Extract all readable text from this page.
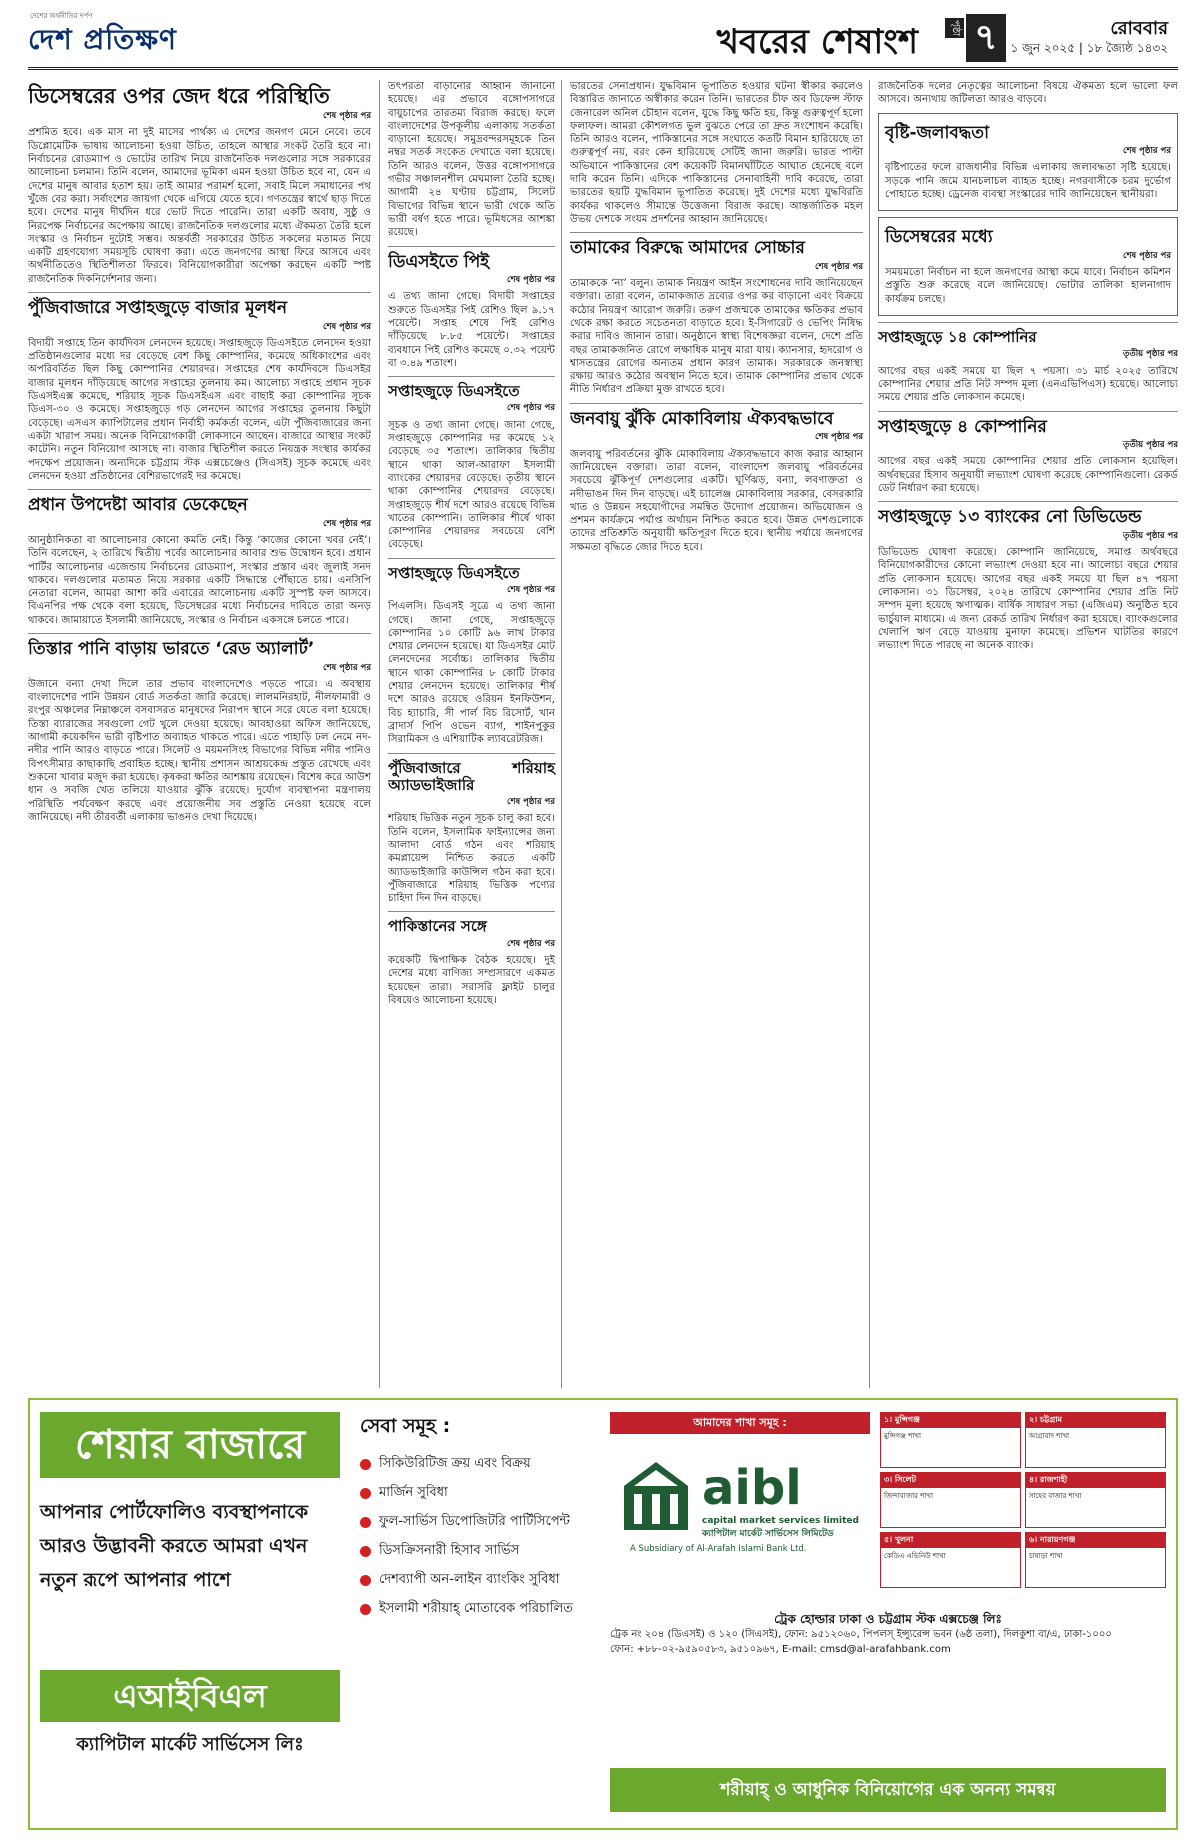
দেশের অর্থনীতির দর্পণ
দেশ প্রতিক্ষণ	খবরের শেষাংশ	পৃষ্ঠা ৭	রোববার
১ জুন ২০২৫ | ১৮ জ্যৈষ্ঠ ১৪৩২
ডিসেম্বরের ওপর জেদ ধরে পরিস্থিতি
শেষ পৃষ্ঠার পর
প্রশমিত হবে। এক মাস না দুই মাসের পার্থক্য এ দেশের জনগণ মেনে নেবে। তবে ডিপ্লোমেটিক ভাষায় আলোচনা হওয়া উচিত, তাহলে আস্থার সংকট তৈরি হবে না। নির্বাচনের রোডম্যাপ ও ভোটের তারিখ নিয়ে রাজনৈতিক দলগুলোর সঙ্গে সরকারের আলোচনা চলমান। তিনি বলেন, আমাদের ভূমিকা এমন হওয়া উচিত হবে না, যেন এ দেশের মানুষ আবার হতাশ হয়। তাই আমার পরামর্শ হলো, সবাই মিলে সমাধানের পথ খুঁজে বের করা। সর্বাংশের জায়গা থেকে এগিয়ে যেতে হবে। গণতন্ত্রের স্বার্থে ছাড় দিতে হবে। দেশের মানুষ দীর্ঘদিন ধরে ভোট দিতে পারেনি। তারা একটি অবাধ, সুষ্ঠু ও নিরপেক্ষ নির্বাচনের অপেক্ষায় আছে। রাজনৈতিক দলগুলোর মধ্যে ঐকমত্য তৈরি হলে সংস্কার ও নির্বাচন দুটোই সম্ভব। অন্তর্বর্তী সরকারের উচিত সকলের মতামত নিয়ে একটি গ্রহণযোগ্য সময়সূচি ঘোষণা করা। এতে জনগণের আস্থা ফিরে আসবে এবং অর্থনীতিতেও স্থিতিশীলতা ফিরবে। বিনিয়োগকারীরা অপেক্ষা করছেন একটি স্পষ্ট রাজনৈতিক দিকনির্দেশনার জন্য।
পুঁজিবাজারে সপ্তাহজুড়ে বাজার মূলধন
শেষ পৃষ্ঠার পর
বিদায়ী সপ্তাহে তিন কার্যদিবস লেনদেন হয়েছে। সপ্তাহজুড়ে ডিএসইতে লেনদেন হওয়া প্রতিষ্ঠানগুলোর মধ্যে দর বেড়েছে বেশ কিছু কোম্পানির, কমেছে অধিকাংশের এবং অপরিবর্তিত ছিল কিছু কোম্পানির শেয়ারদর। সপ্তাহের শেষ কার্যদিবসে ডিএসইর বাজার মূলধন দাঁড়িয়েছে আগের সপ্তাহের তুলনায় কম। আলোচ্য সপ্তাহে প্রধান সূচক ডিএসইএক্স কমেছে, শরিয়াহ সূচক ডিএসইএস এবং বাছাই করা কোম্পানির সূচক ডিএস-৩০ ও কমেছে। সপ্তাহজুড়ে গড় লেনদেন আগের সপ্তাহের তুলনায় কিছুটা বেড়েছে। এসএস ক্যাপিটালের প্রধান নির্বাহী কর্মকর্তা বলেন, এটা পুঁজিবাজারের জন্য একটা খারাপ সময়। অনেক বিনিয়োগকারী লোকসানে আছেন। বাজারে আস্থার সংকট কাটেনি। নতুন বিনিয়োগ আসছে না। বাজার স্থিতিশীল করতে নিয়ন্ত্রক সংস্থার কার্যকর পদক্ষেপ প্রয়োজন। অন্যদিকে চট্টগ্রাম স্টক এক্সচেঞ্জেও (সিএসই) সূচক কমেছে এবং লেনদেন হওয়া প্রতিষ্ঠানের বেশিরভাগেরই দর কমেছে।
প্রধান উপদেষ্টা আবার ডেকেছেন
শেষ পৃষ্ঠার পর
আনুষ্ঠানিকতা বা আলোচনার কোনো কমতি নেই। কিন্তু ‘কাজের কোনো খবর নেই’। তিনি বলেছেন, ২ তারিখে দ্বিতীয় পর্বের আলোচনার আবার শুভ উদ্বোধন হবে। প্রধান পার্টির আলোচনার এজেন্ডায় নির্বাচনের রোডম্যাপ, সংস্কার প্রস্তাব এবং জুলাই সনদ থাকবে। দলগুলোর মতামত নিয়ে সরকার একটি সিদ্ধান্তে পৌঁছাতে চায়। এনসিপি নেতারা বলেন, আমরা আশা করি এবারের আলোচনায় একটি সুস্পষ্ট ফল আসবে। বিএনপির পক্ষ থেকে বলা হয়েছে, ডিসেম্বরের মধ্যে নির্বাচনের দাবিতে তারা অনড় থাকবে। জামায়াতে ইসলামী জানিয়েছে, সংস্কার ও নির্বাচন একসঙ্গে চলতে পারে।
তিস্তার পানি বাড়ায় ভারতে ‘রেড অ্যালার্ট’
শেষ পৃষ্ঠার পর
উজানে বন্যা দেখা দিলে তার প্রভাব বাংলাদেশেও পড়তে পারে। এ অবস্থায় বাংলাদেশের পানি উন্নয়ন বোর্ড সতর্কতা জারি করেছে। লালমনিরহাট, নীলফামারী ও রংপুর অঞ্চলের নিম্নাঞ্চলে বসবাসরত মানুষদের নিরাপদ স্থানে সরে যেতে বলা হয়েছে। তিস্তা ব্যারাজের সবগুলো গেট খুলে দেওয়া হয়েছে। আবহাওয়া অফিস জানিয়েছে, আগামী কয়েকদিন ভারী বৃষ্টিপাত অব্যাহত থাকতে পারে। এতে পাহাড়ি ঢল নেমে নদ-নদীর পানি আরও বাড়তে পারে। সিলেট ও ময়মনসিংহ বিভাগের বিভিন্ন নদীর পানিও বিপৎসীমার কাছাকাছি প্রবাহিত হচ্ছে। স্থানীয় প্রশাসন আশ্রয়কেন্দ্র প্রস্তুত রেখেছে এবং শুকনো খাবার মজুদ করা হয়েছে। কৃষকরা ক্ষতির আশঙ্কায় রয়েছেন। বিশেষ করে আউশ ধান ও সবজি খেত তলিয়ে যাওয়ার ঝুঁকি রয়েছে। দুর্যোগ ব্যবস্থাপনা মন্ত্রণালয় পরিস্থিতি পর্যবেক্ষণ করছে এবং প্রয়োজনীয় সব প্রস্তুতি নেওয়া হয়েছে বলে জানিয়েছে। নদী তীরবর্তী এলাকায় ভাঙনও দেখা দিয়েছে।
তৎপরতা বাড়ানোর আহ্বান জানানো হয়েছে। এর প্রভাবে বঙ্গোপসাগরে বায়ুচাপের তারতম্য বিরাজ করছে। ফলে বাংলাদেশের উপকূলীয় এলাকায় সতর্কতা বাড়ানো হয়েছে। সমুদ্রবন্দরসমূহকে তিন নম্বর সতর্ক সংকেত দেখাতে বলা হয়েছে। তিনি আরও বলেন, উত্তর বঙ্গোপসাগরে গভীর সঞ্চালনশীল মেঘমালা তৈরি হচ্ছে। আগামী ২৪ ঘণ্টায় চট্টগ্রাম, সিলেট বিভাগের বিভিন্ন স্থানে ভারী থেকে অতি ভারী বর্ষণ হতে পারে। ভূমিধসের আশঙ্কা রয়েছে।
ডিএসইতে পিই
শেষ পৃষ্ঠার পর
এ তথ্য জানা গেছে। বিদায়ী সপ্তাহের শুরুতে ডিএসইর পিই রেশিও ছিল ৯.১৭ পয়েন্টে। সপ্তাহ শেষে পিই রেশিও দাঁড়িয়েছে ৮.৮৫ পয়েন্টে। সপ্তাহের ব্যবধানে পিই রেশিও কমেছে ০.৩২ পয়েন্ট বা ৩.৪৯ শতাংশ।
সপ্তাহজুড়ে ডিএসইতে
শেষ পৃষ্ঠার পর
সূচক ও তথ্য জানা গেছে। জানা গেছে, সপ্তাহজুড়ে কোম্পানির দর কমেছে ১২ বেড়েছে ৩৫ শতাংশ। তালিকার দ্বিতীয় স্থানে থাকা আল-আরাফা ইসলামী ব্যাংকের শেয়ারদর বেড়েছে। তৃতীয় স্থানে থাকা কোম্পানির শেয়ারদর বেড়েছে। সপ্তাহজুড়ে শীর্ষ দশে আরও রয়েছে বিভিন্ন খাতের কোম্পানি। তালিকার শীর্ষে থাকা কোম্পানির শেয়ারদর সবচেয়ে বেশি বেড়েছে।
সপ্তাহজুড়ে ডিএসইতে
শেষ পৃষ্ঠার পর
পিএলসি। ডিএসই সূত্রে এ তথ্য জানা গেছে। জানা গেছে, সপ্তাহজুড়ে কোম্পানির ১০ কোটি ৯৬ লাখ টাকার শেয়ার লেনদেন হয়েছে। যা ডিএসইর মোট লেনদেনের সর্বোচ্চ। তালিকার দ্বিতীয় স্থানে থাকা কোম্পানির ৮ কোটি টাকার শেয়ার লেনদেন হয়েছে। তালিকার শীর্ষ দশে আরও রয়েছে ওরিয়ন ইনফিউশন, বিচ হ্যাচারি, সী পার্ল বিচ রিসোর্ট, খান ব্রাদার্স পিপি ওভেন ব্যাগ, শাইনপুকুর সিরামিকস ও এশিয়াটিক ল্যাবরেটরিজ।
পুঁজিবাজারে শরিয়াহ অ্যাডভাইজারি
শেষ পৃষ্ঠার পর
শরিয়াহ ভিত্তিক নতুন সূচক চালু করা হবে। তিনি বলেন, ইসলামিক ফাইন্যান্সের জন্য আলাদা বোর্ড গঠন এবং শরিয়াহ কমপ্লায়েন্স নিশ্চিত করতে একটি অ্যাডভাইজারি কাউন্সিল গঠন করা হবে। পুঁজিবাজারে শরিয়াহ ভিত্তিক পণ্যের চাহিদা দিন দিন বাড়ছে।
পাকিস্তানের সঙ্গে
শেষ পৃষ্ঠার পর
কয়েকটি দ্বিপাক্ষিক বৈঠক হয়েছে। দুই দেশের মধ্যে বাণিজ্য সম্প্রসারণে একমত হয়েছেন তারা। সরাসরি ফ্লাইট চালুর বিষয়েও আলোচনা হয়েছে।
ভারতের সেনাপ্রধান। যুদ্ধবিমান ভূপাতিত হওয়ার ঘটনা স্বীকার করলেও বিস্তারিত জানাতে অস্বীকার করেন তিনি। ভারতের চীফ অব ডিফেন্স স্টাফ জেনারেল অনিল চৌহান বলেন, যুদ্ধে কিছু ক্ষতি হয়, কিন্তু গুরুত্বপূর্ণ হলো ফলাফল। আমরা কৌশলগত ভুল বুঝতে পেরে তা দ্রুত সংশোধন করেছি। তিনি আরও বলেন, পাকিস্তানের সঙ্গে সংঘাতে কতটি বিমান হারিয়েছে তা গুরুত্বপূর্ণ নয়, বরং কেন হারিয়েছে সেটিই জানা জরুরি। ভারত পাল্টা অভিযানে পাকিস্তানের বেশ কয়েকটি বিমানঘাঁটিতে আঘাত হেনেছে বলে দাবি করেন তিনি। এদিকে পাকিস্তানের সেনাবাহিনী দাবি করেছে, তারা ভারতের ছয়টি যুদ্ধবিমান ভূপাতিত করেছে। দুই দেশের মধ্যে যুদ্ধবিরতি কার্যকর থাকলেও সীমান্তে উত্তেজনা বিরাজ করছে। আন্তর্জাতিক মহল উভয় দেশকে সংযম প্রদর্শনের আহ্বান জানিয়েছে।
তামাকের বিরুদ্ধে আমাদের সোচ্চার
শেষ পৃষ্ঠার পর
তামাককে ‘না’ বলুন। তামাক নিয়ন্ত্রণ আইন সংশোধনের দাবি জানিয়েছেন বক্তারা। তারা বলেন, তামাকজাত দ্রব্যের ওপর কর বাড়ানো এবং বিক্রয়ে কঠোর নিয়ন্ত্রণ আরোপ জরুরি। তরুণ প্রজন্মকে তামাকের ক্ষতিকর প্রভাব থেকে রক্ষা করতে সচেতনতা বাড়াতে হবে। ই-সিগারেট ও ভেপিং নিষিদ্ধ করার দাবিও জানান তারা। অনুষ্ঠানে স্বাস্থ্য বিশেষজ্ঞরা বলেন, দেশে প্রতি বছর তামাকজনিত রোগে লক্ষাধিক মানুষ মারা যায়। ক্যানসার, হৃদরোগ ও শ্বাসতন্ত্রের রোগের অন্যতম প্রধান কারণ তামাক। সরকারকে জনস্বাস্থ্য রক্ষায় আরও কঠোর অবস্থান নিতে হবে। তামাক কোম্পানির প্রভাব থেকে নীতি নির্ধারণ প্রক্রিয়া মুক্ত রাখতে হবে।
জনবায়ু ঝুঁকি মোকাবিলায় ঐক্যবদ্ধভাবে
শেষ পৃষ্ঠার পর
জলবায়ু পরিবর্তনের ঝুঁকি মোকাবিলায় ঐক্যবদ্ধভাবে কাজ করার আহ্বান জানিয়েছেন বক্তারা। তারা বলেন, বাংলাদেশ জলবায়ু পরিবর্তনের সবচেয়ে ঝুঁকিপূর্ণ দেশগুলোর একটি। ঘূর্ণিঝড়, বন্যা, লবণাক্ততা ও নদীভাঙন দিন দিন বাড়ছে। এই চ্যালেঞ্জ মোকাবিলায় সরকার, বেসরকারি খাত ও উন্নয়ন সহযোগীদের সমন্বিত উদ্যোগ প্রয়োজন। অভিযোজন ও প্রশমন কার্যক্রমে পর্যাপ্ত অর্থায়ন নিশ্চিত করতে হবে। উন্নত দেশগুলোকে তাদের প্রতিশ্রুতি অনুযায়ী ক্ষতিপূরণ দিতে হবে। স্থানীয় পর্যায়ে জনগণের সক্ষমতা বৃদ্ধিতে জোর দিতে হবে।
রাজনৈতিক দলের নেতৃত্বের আলোচনা বিষয়ে ঐকমত্য হলে ভালো ফল আসবে। অন্যথায় জটিলতা আরও বাড়বে।
বৃষ্টি-জলাবদ্ধতা
শেষ পৃষ্ঠার পর
বৃষ্টিপাতের ফলে রাজধানীর বিভিন্ন এলাকায় জলাবদ্ধতা সৃষ্টি হয়েছে। সড়কে পানি জমে যানচলাচল ব্যাহত হচ্ছে। নগরবাসীকে চরম দুর্ভোগ পোহাতে হচ্ছে। ড্রেনেজ ব্যবস্থা সংস্কারের দাবি জানিয়েছেন স্থানীয়রা।
ডিসেম্বরের মধ্যে
শেষ পৃষ্ঠার পর
সময়মতো নির্বাচন না হলে জনগণের আস্থা কমে যাবে। নির্বাচন কমিশন প্রস্তুতি শুরু করেছে বলে জানিয়েছে। ভোটার তালিকা হালনাগাদ কার্যক্রম চলছে।
সপ্তাহজুড়ে ১৪ কোম্পানির
তৃতীয় পৃষ্ঠার পর
আগের বছর একই সময়ে যা ছিল ৭ পয়সা। ৩১ মার্চ ২০২৫ তারিখে কোম্পানির শেয়ার প্রতি নিট সম্পদ মূল্য (এনএভিপিএস) হয়েছে। আলোচ্য সময়ে শেয়ার প্রতি লোকসান কমেছে।
সপ্তাহজুড়ে ৪ কোম্পানির
তৃতীয় পৃষ্ঠার পর
আগের বছর একই সময়ে কোম্পানির শেয়ার প্রতি লোকসান হয়েছিল। অর্থবছরের হিসাব অনুযায়ী লভ্যাংশ ঘোষণা করেছে কোম্পানিগুলো। রেকর্ড ডেট নির্ধারণ করা হয়েছে।
সপ্তাহজুড়ে ১৩ ব্যাংকের নো ডিভিডেন্ড
তৃতীয় পৃষ্ঠার পর
ডিভিডেন্ড ঘোষণা করেছে। কোম্পানি জানিয়েছে, সমাপ্ত অর্থবছরে বিনিয়োগকারীদের কোনো লভ্যাংশ দেওয়া হবে না। আলোচ্য বছরে শেয়ার প্রতি লোকসান হয়েছে। আগের বছর একই সময়ে যা ছিল ৪৭ পয়সা লোকসান। ৩১ ডিসেম্বর, ২০২৪ তারিখে কোম্পানির শেয়ার প্রতি নিট সম্পদ মূল্য হয়েছে ঋণাত্মক। বার্ষিক সাধারণ সভা (এজিএম) অনুষ্ঠিত হবে ভার্চুয়াল মাধ্যমে। এ জন্য রেকর্ড তারিখ নির্ধারণ করা হয়েছে। ব্যাংকগুলোর খেলাপি ঋণ বেড়ে যাওয়ায় মুনাফা কমেছে। প্রভিশন ঘাটতির কারণে লভ্যাংশ দিতে পারছে না অনেক ব্যাংক।
শেয়ার বাজারে
আপনার পোর্টফোলিও ব্যবস্থাপনাকে
আরও উদ্ভাবনী করতে আমরা এখন
নতুন রূপে আপনার পাশে
এআইবিএল
ক্যাপিটাল মার্কেট সার্ভিসেস লিঃ
সেবা সমূহ :
সিকিউরিটিজ ক্রয় এবং বিক্রয়
মার্জিন সুবিধা
ফুল-সার্ভিস ডিপোজিটরি পার্টিসিপেন্ট
ডিসক্রিসনারী হিসাব সার্ভিস
দেশব্যাপী অন-লাইন ব্যাংকিং সুবিধা
ইসলামী শরীয়াহ্ মোতাবেক পরিচালিত
আমাদের শাখা সমূহ :
aibl
capital market services limited
ক্যাপিটাল মার্কেট সার্ভিসেস লিমিটেড
A Subsidiary of Al-Arafah Islami Bank Ltd.
১। মুন্সিগঞ্জ
মুন্সিগঞ্জ শাখা
২। চট্টগ্রাম
আগ্রাবাদ শাখা
৩। সিলেট
জিন্দাবাজার শাখা
৪। রাজশাহী
সাহেব বাজার শাখা
৫। খুলনা
কেডিএ এভিনিউ শাখা
৬। নারায়ণগঞ্জ
চাষাড়া শাখা
ট্রেক হোল্ডার ঢাকা ও চট্টগ্রাম স্টক এক্সচেঞ্জ লিঃ
ট্রেক নং ২০৪ (ডিএসই) ও ১২০ (সিএসই), ফোন: ৯৫১২০৬০, পিপলস্ ইন্স্যুরেন্স ভবন (৬ষ্ঠ তলা), দিলকুশা বা/এ, ঢাকা-১০০০
ফোন: +৮৮-০২-৯৫৯০৫৮৩, ৯৫১০৯৬৭, E-mail: cmsd@al-arafahbank.com
শরীয়াহ্ ও আধুনিক বিনিয়োগের এক অনন্য সমন্বয়
